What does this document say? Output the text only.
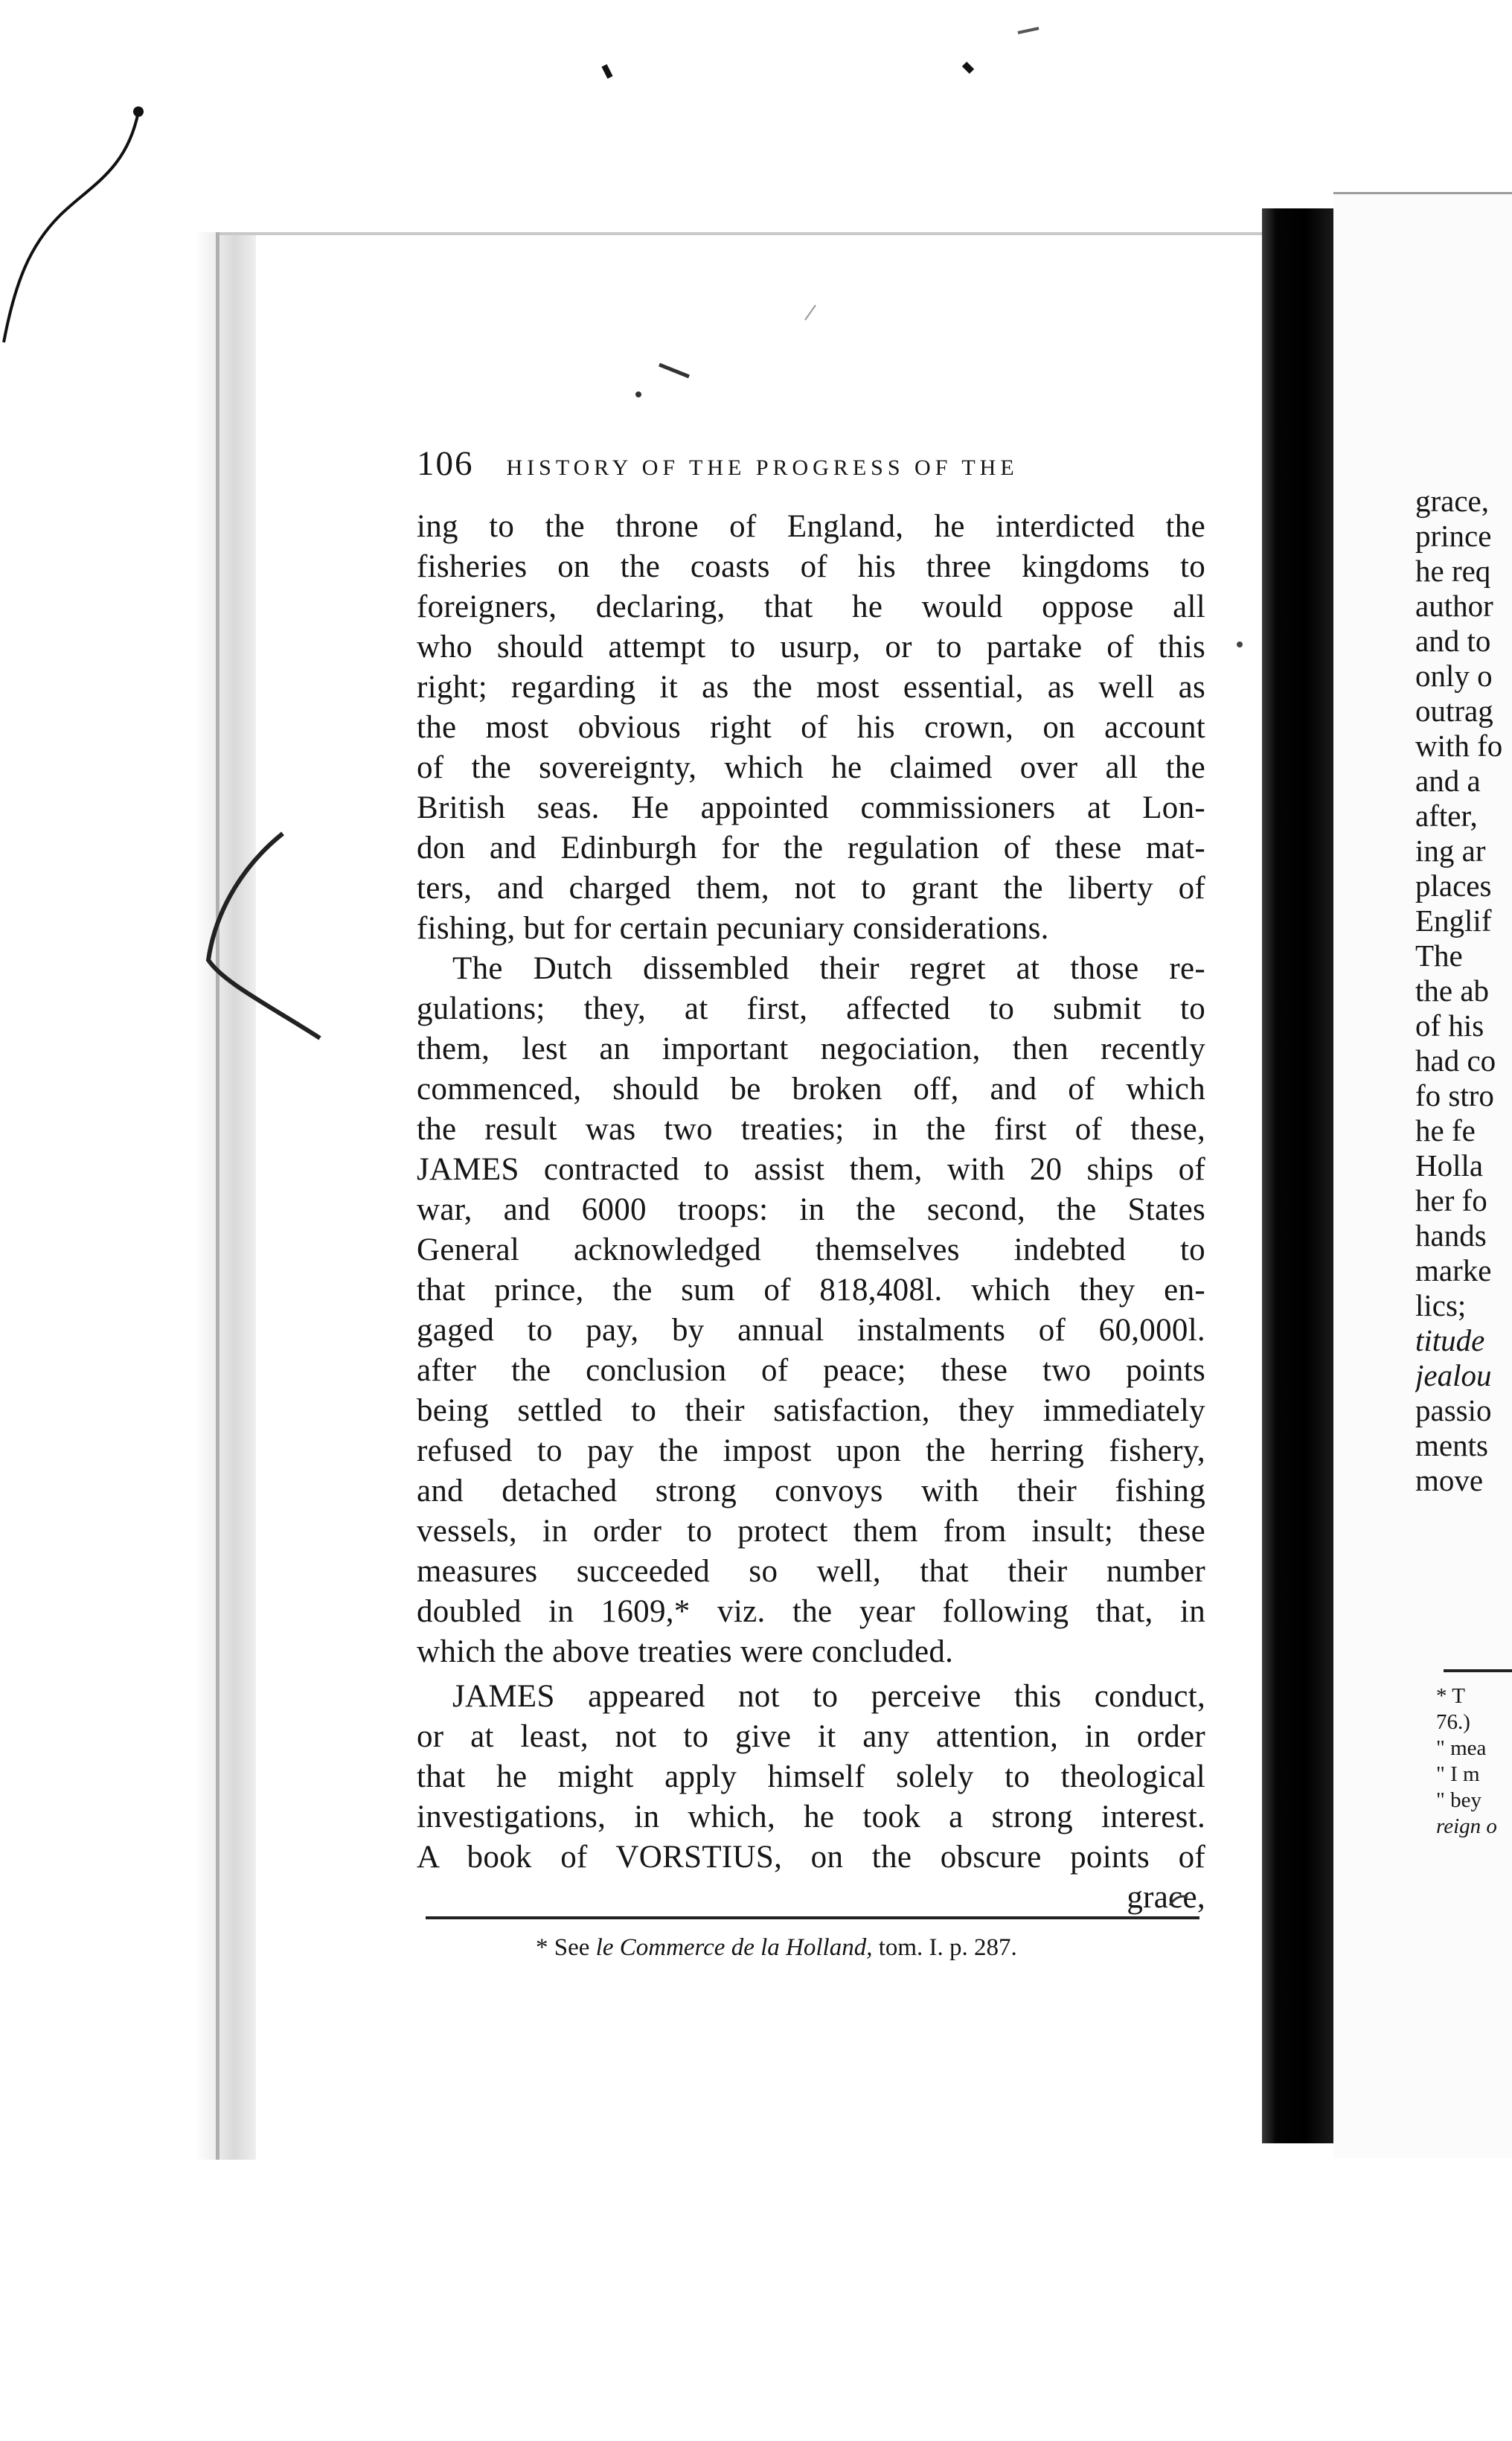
106 HISTORY OF THE PROGRESS OF THE
ing to the throne of England, he interdicted the
fisheries on the coasts of his three kingdoms to
foreigners, declaring, that he would oppose all
who should attempt to usurp, or to partake of this
right; regarding it as the most essential, as well as
the most obvious right of his crown, on account
of the sovereignty, which he claimed over all the
British seas. He appointed commissioners at Lon-
don and Edinburgh for the regulation of these mat-
ters, and charged them, not to grant the liberty of
fishing, but for certain pecuniary considerations.
The Dutch dissembled their regret at those re-
gulations; they, at first, affected to submit to
them, lest an important negociation, then recently
commenced, should be broken off, and of which
the result was two treaties; in the first of these,
JAMES contracted to assist them, with 20 ships of
war, and 6000 troops: in the second, the States
General acknowledged themselves indebted to
that prince, the sum of 818,408l. which they en-
gaged to pay, by annual instalments of 60,000l.
after the conclusion of peace; these two points
being settled to their satisfaction, they immediately
refused to pay the impost upon the herring fishery,
and detached strong convoys with their fishing
vessels, in order to protect them from insult; these
measures succeeded so well, that their number
doubled in 1609,* viz. the year following that, in
which the above treaties were concluded.
JAMES appeared not to perceive this conduct,
or at least, not to give it any attention, in order
that he might apply himself solely to theological
investigations, in which, he took a strong interest.
A book of VORSTIUS, on the obscure points of
grace,
* See le Commerce de la Holland, tom. I. p. 287.
grace,
prince
he req
author
and to
only o
outrag
with fo
and a
after,
ing ar
places
Englif
The
the ab
of his
had co
fo stro
he fe
Holla
her fo
hands
marke
lics;
titude
jealou
passio
ments
move
* T
76.)
" mea
" I m
" bey
reign o
